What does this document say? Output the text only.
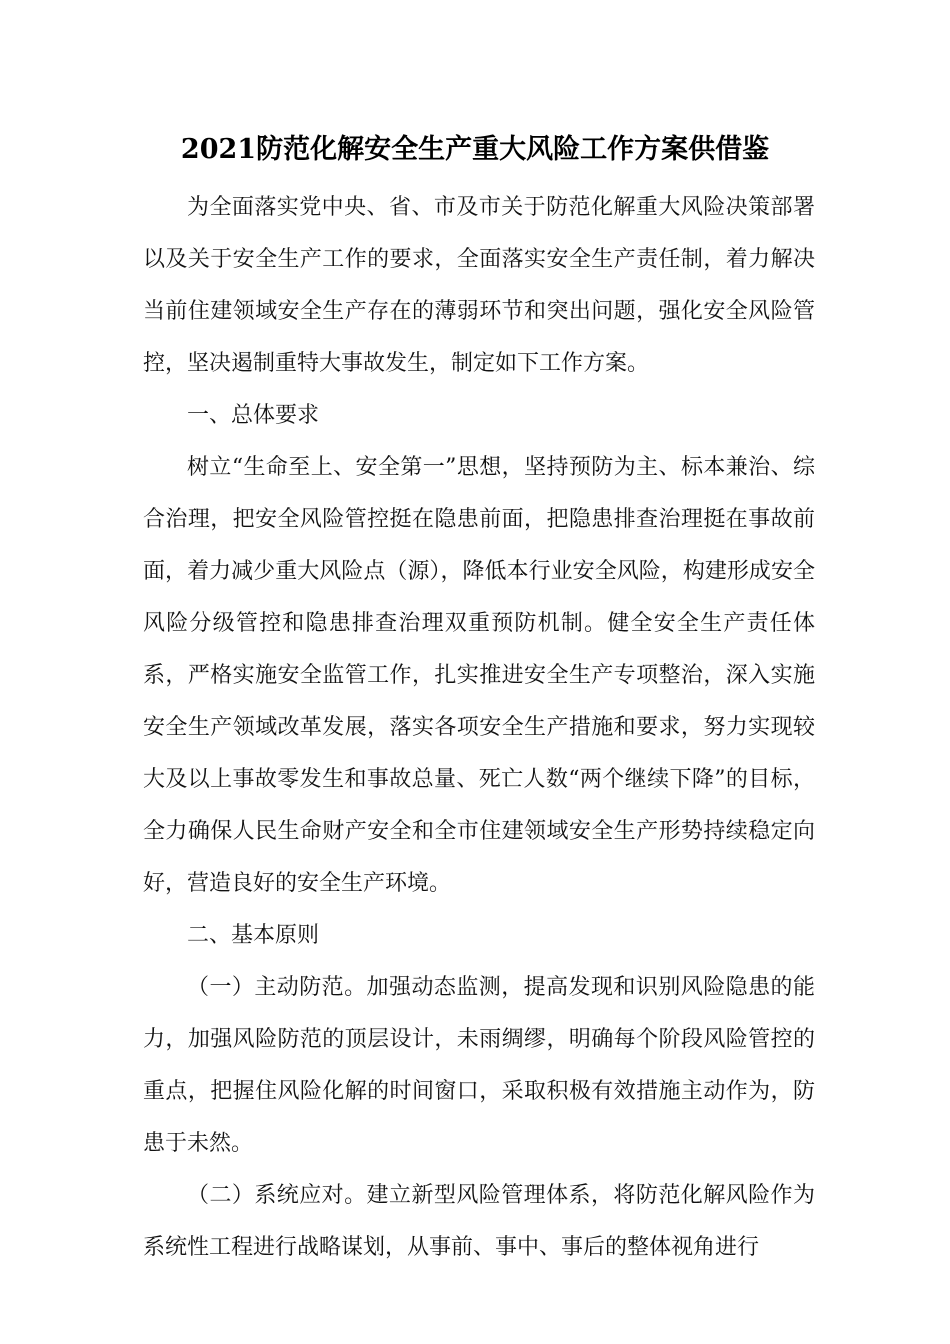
2021防范化解安全生产重大风险工作方案供借鉴

为全面落实党中央、省、市及市关于防范化解重大风险决策部署以及关于安全生产工作的要求，全面落实安全生产责任制，着力解决当前住建领域安全生产存在的薄弱环节和突出问题，强化安全风险管控，坚决遏制重特大事故发生，制定如下工作方案。

一、总体要求

树立“生命至上、安全第一”思想，坚持预防为主、标本兼治、综合治理，把安全风险管控挺在隐患前面，把隐患排查治理挺在事故前面，着力减少重大风险点（源），降低本行业安全风险，构建形成安全风险分级管控和隐患排查治理双重预防机制。健全安全生产责任体系，严格实施安全监管工作，扎实推进安全生产专项整治，深入实施安全生产领域改革发展，落实各项安全生产措施和要求，努力实现较大及以上事故零发生和事故总量、死亡人数“两个继续下降”的目标，全力确保人民生命财产安全和全市住建领域安全生产形势持续稳定向好，营造良好的安全生产环境。

二、基本原则

（一）主动防范。加强动态监测，提高发现和识别风险隐患的能力，加强风险防范的顶层设计，未雨绸缪，明确每个阶段风险管控的重点，把握住风险化解的时间窗口，采取积极有效措施主动作为，防患于未然。

（二）系统应对。建立新型风险管理体系，将防范化解风险作为系统性工程进行战略谋划，从事前、事中、事后的整体视角进行
